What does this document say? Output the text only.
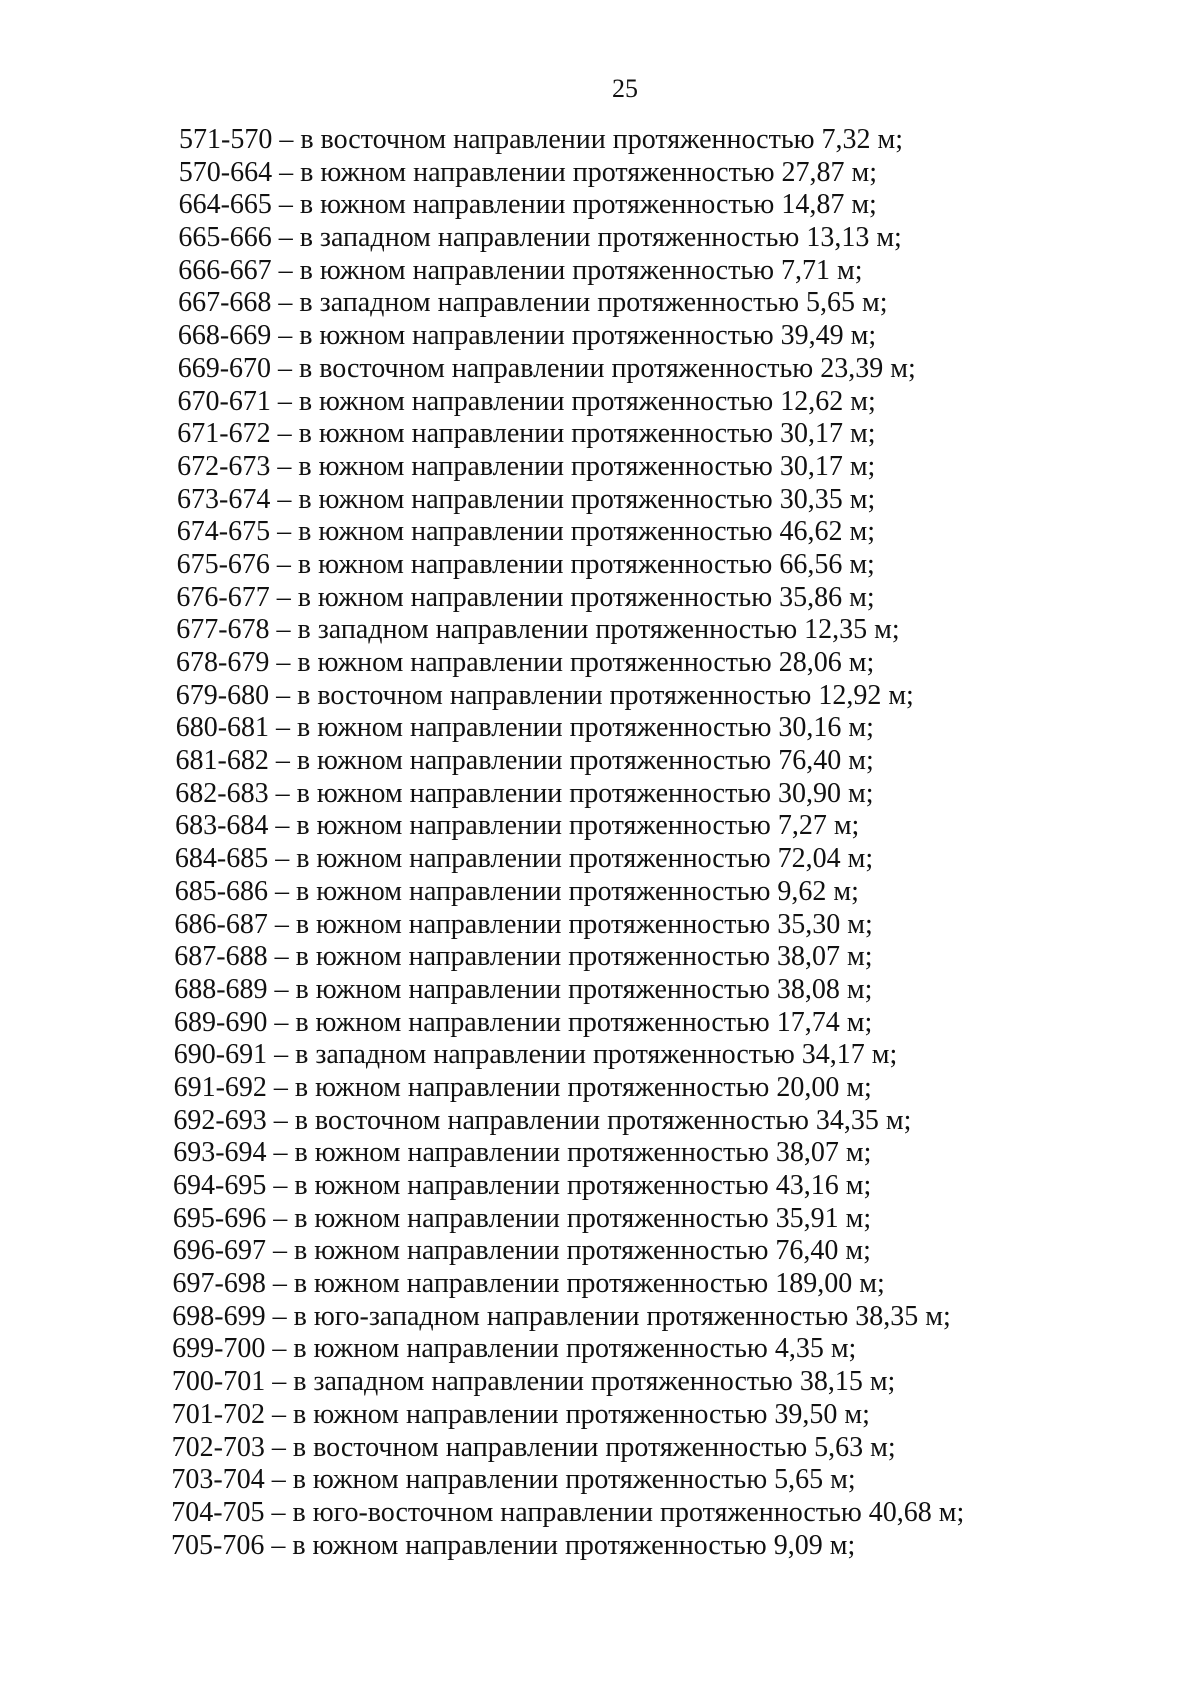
25
571-570 – в восточном направлении протяженностью 7,32 м;
570-664 – в южном направлении протяженностью 27,87 м;
664-665 – в южном направлении протяженностью 14,87 м;
665-666 – в западном направлении протяженностью 13,13 м;
666-667 – в южном направлении протяженностью 7,71 м;
667-668 – в западном направлении протяженностью 5,65 м;
668-669 – в южном направлении протяженностью 39,49 м;
669-670 – в восточном направлении протяженностью 23,39 м;
670-671 – в южном направлении протяженностью 12,62 м;
671-672 – в южном направлении протяженностью 30,17 м;
672-673 – в южном направлении протяженностью 30,17 м;
673-674 – в южном направлении протяженностью 30,35 м;
674-675 – в южном направлении протяженностью 46,62 м;
675-676 – в южном направлении протяженностью 66,56 м;
676-677 – в южном направлении протяженностью 35,86 м;
677-678 – в западном направлении протяженностью 12,35 м;
678-679 – в южном направлении протяженностью 28,06 м;
679-680 – в восточном направлении протяженностью 12,92 м;
680-681 – в южном направлении протяженностью 30,16 м;
681-682 – в южном направлении протяженностью 76,40 м;
682-683 – в южном направлении протяженностью 30,90 м;
683-684 – в южном направлении протяженностью 7,27 м;
684-685 – в южном направлении протяженностью 72,04 м;
685-686 – в южном направлении протяженностью 9,62 м;
686-687 – в южном направлении протяженностью 35,30 м;
687-688 – в южном направлении протяженностью 38,07 м;
688-689 – в южном направлении протяженностью 38,08 м;
689-690 – в южном направлении протяженностью 17,74 м;
690-691 – в западном направлении протяженностью 34,17 м;
691-692 – в южном направлении протяженностью 20,00 м;
692-693 – в восточном направлении протяженностью 34,35 м;
693-694 – в южном направлении протяженностью 38,07 м;
694-695 – в южном направлении протяженностью 43,16 м;
695-696 – в южном направлении протяженностью 35,91 м;
696-697 – в южном направлении протяженностью 76,40 м;
697-698 – в южном направлении протяженностью 189,00 м;
698-699 – в юго-западном направлении протяженностью 38,35 м;
699-700 – в южном направлении протяженностью 4,35 м;
700-701 – в западном направлении протяженностью 38,15 м;
701-702 – в южном направлении протяженностью 39,50 м;
702-703 – в восточном направлении протяженностью 5,63 м;
703-704 – в южном направлении протяженностью 5,65 м;
704-705 – в юго-восточном направлении протяженностью 40,68 м;
705-706 – в южном направлении протяженностью 9,09 м;
